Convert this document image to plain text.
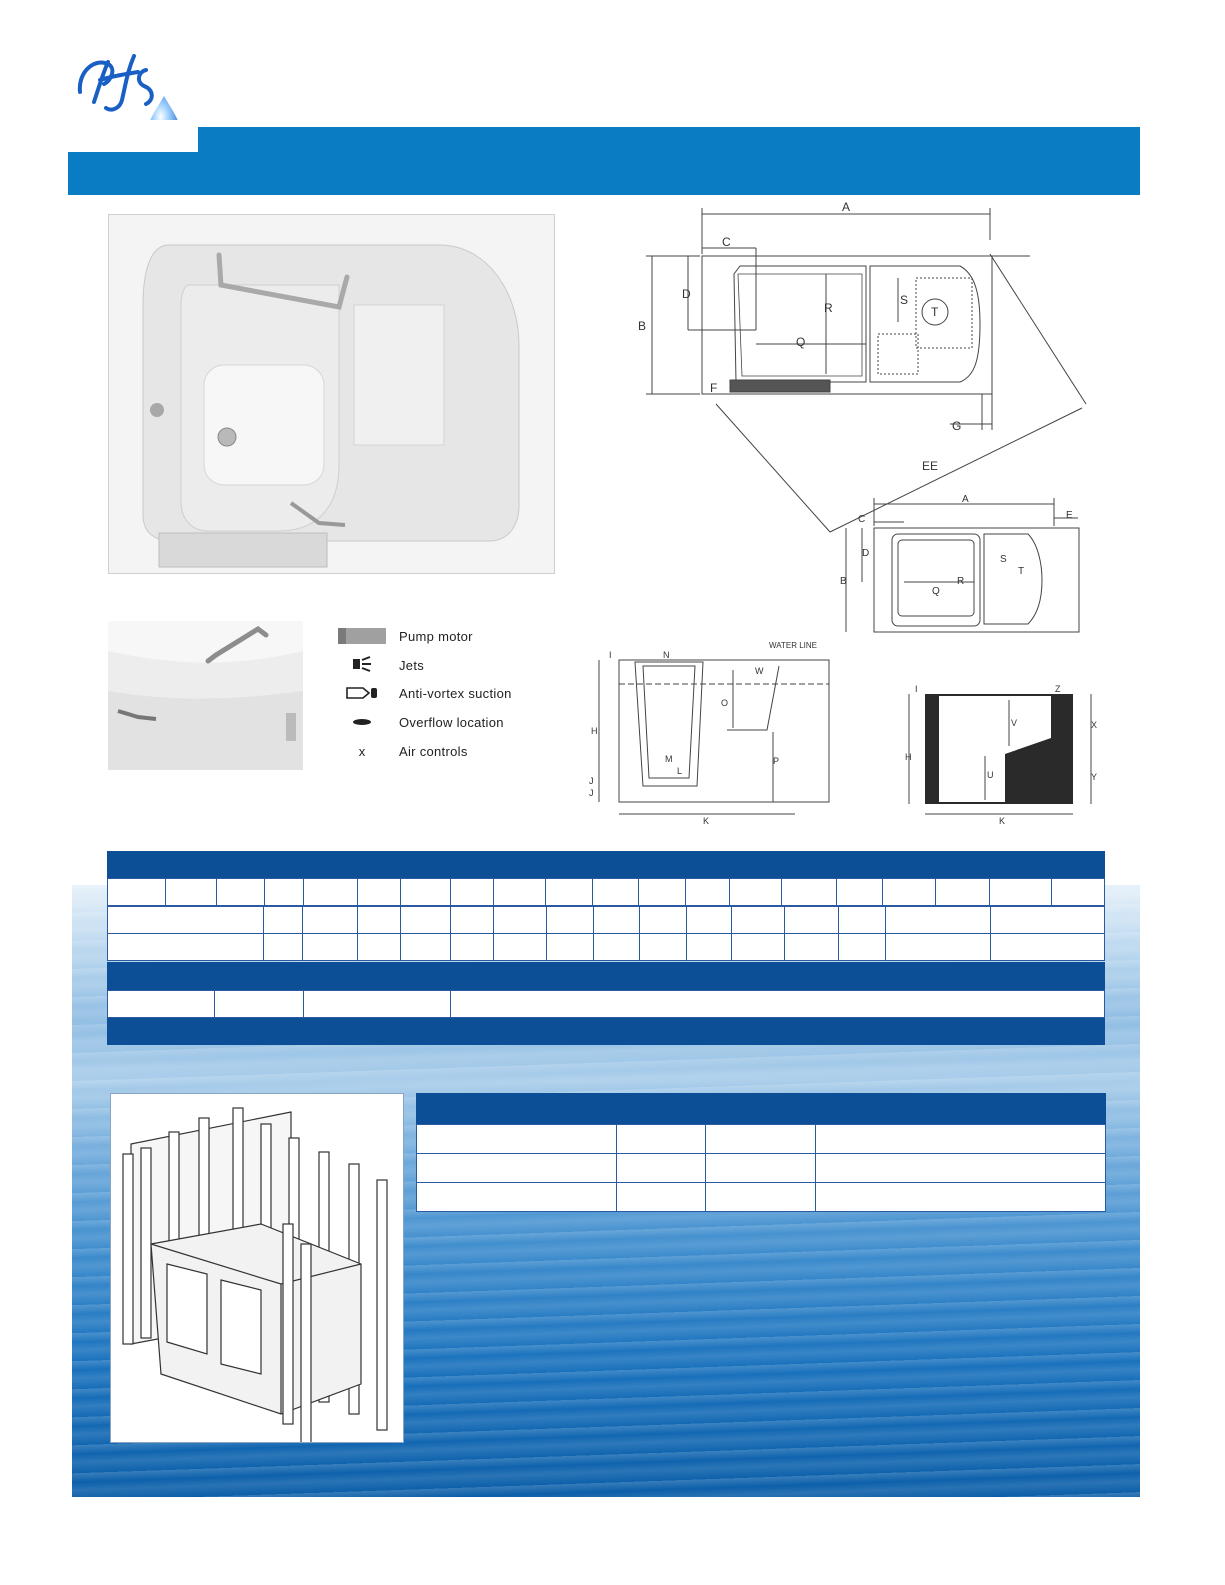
Pump motor
Jets
Anti-vortex suction
Overflow location
x	Air controls
A
C
D
B
R
S
T
Q
F
G
EE
A
C	E
D
B
S
T
R
Q
I	N
WATER LINE
W
O
H
M
L
P
J
J
K
I	Z
V	X
H
U	Y
K
